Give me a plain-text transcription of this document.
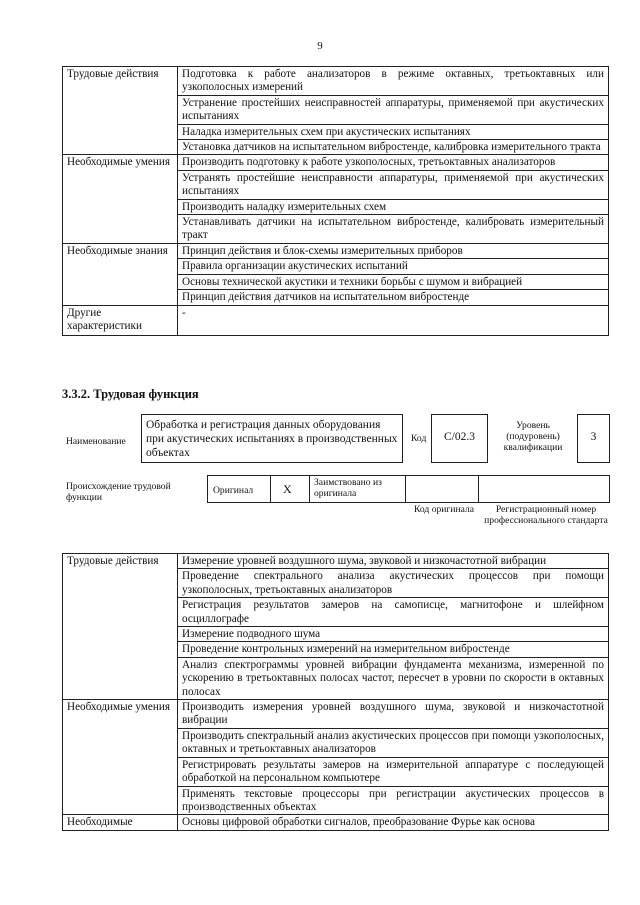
9
Трудовые действия	Подготовка к работе анализаторов в режиме октавных, третьоктавных или узкополосных измерений
	Устранение простейших неисправностей аппаратуры, применяемой при акустических испытаниях
	Наладка измерительных схем при акустических испытаниях
	Установка датчиков на испытательном вибростенде, калибровка измерительного тракта
Необходимые умения	Производить подготовку к работе узкополосных, третьоктавных анализаторов
	Устранять простейшие неисправности аппаратуры, применяемой при акустических испытаниях
	Производить наладку измерительных схем
	Устанавливать датчики на испытательном вибростенде, калибровать измерительный тракт
Необходимые знания	Принцип действия и блок-схемы измерительных приборов
	Правила организации акустических испытаний
	Основы технической акустики и техники борьбы с шумом и вибрацией
	Принцип действия датчиков на испытательном вибростенде
Другие характеристики	-
3.3.2. Трудовая функция
Наименование
Обработка и регистрация данных оборудования при акустических испытаниях в производственных объектах
Код	C/02.3
Уровень (подуровень) квалификации
3
Происхождение трудовой функции
Оригинал X Заимствовано из оригинала
Код оригинала	Регистрационный номер профессионального стандарта
Трудовые действия	Измерение уровней воздушного шума, звуковой и низкочастотной вибрации
	Проведение спектрального анализа акустических процессов при помощи узкополосных, третьоктавных анализаторов
	Регистрация результатов замеров на самописце, магнитофоне и шлейфном осциллографе
	Измерение подводного шума
	Проведение контрольных измерений на измерительном вибростенде
	Анализ спектрограммы уровней вибрации фундамента механизма, измеренной по ускорению в третьоктавных полосах частот, пересчет в уровни по скорости в октавных полосах
Необходимые умения	Производить измерения уровней воздушного шума, звуковой и низкочастотной вибрации
	Производить спектральный анализ акустических процессов при помощи узкополосных, октавных и третьоктавных анализаторов
	Регистрировать результаты замеров на измерительной аппаратуре с последующей обработкой на персональном компьютере
	Применять текстовые процессоры при регистрации акустических процессов в производственных объектах
Необходимые	Основы цифровой обработки сигналов, преобразование Фурье как основа
